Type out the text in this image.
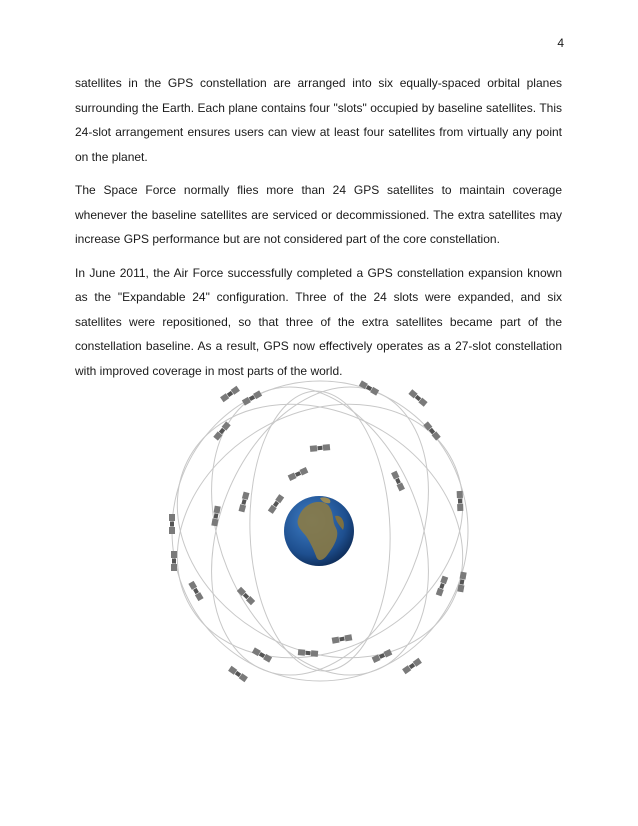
4

satellites in the GPS constellation are arranged into six equally-spaced orbital planes surrounding the Earth. Each plane contains four "slots" occupied by baseline satellites. This 24-slot arrangement ensures users can view at least four satellites from virtually any point on the planet.

The Space Force normally flies more than 24 GPS satellites to maintain coverage whenever the baseline satellites are serviced or decommissioned. The extra satellites may increase GPS performance but are not considered part of the core constellation.

In June 2011, the Air Force successfully completed a GPS constellation expansion known as the "Expandable 24" configuration. Three of the 24 slots were expanded, and six satellites were repositioned, so that three of the extra satellites became part of the constellation baseline. As a result, GPS now effectively operates as a 27-slot constellation with improved coverage in most parts of the world.
